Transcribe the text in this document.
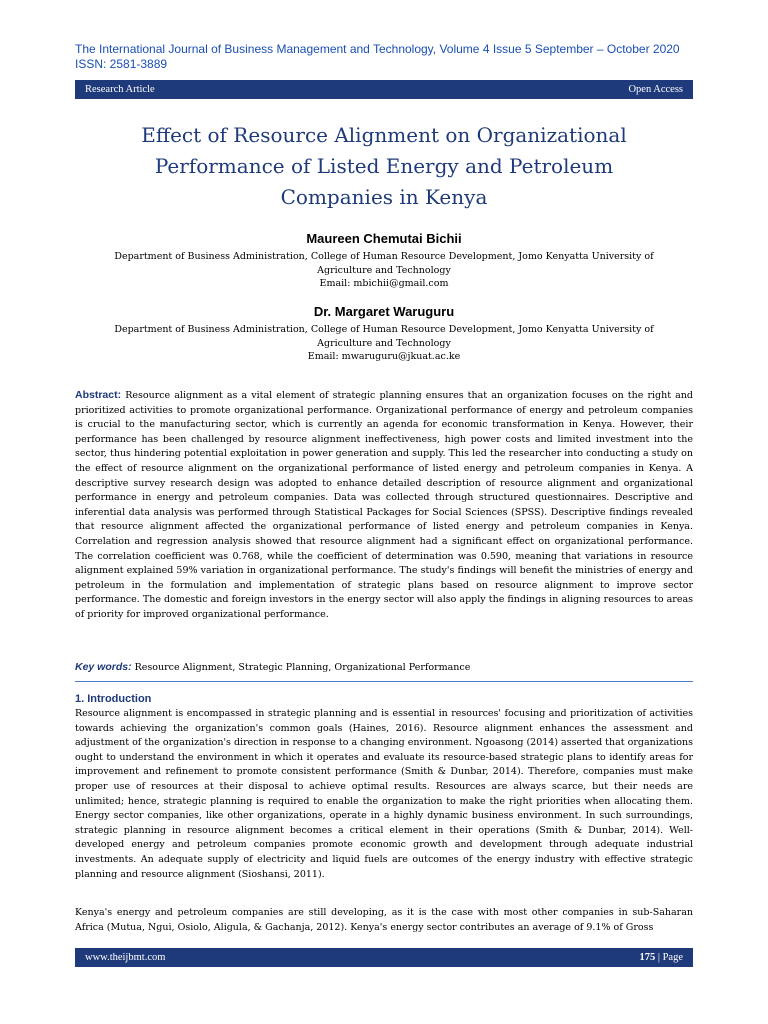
The International Journal of Business Management and Technology, Volume 4 Issue 5 September – October 2020
ISSN: 2581-3889
Research Article	Open Access
Effect of Resource Alignment on Organizational Performance of Listed Energy and Petroleum Companies in Kenya
Maureen Chemutai Bichii
Department of Business Administration, College of Human Resource Development, Jomo Kenyatta University of
Agriculture and Technology
Email: mbichii@gmail.com
Dr. Margaret Waruguru
Department of Business Administration, College of Human Resource Development, Jomo Kenyatta University of
Agriculture and Technology
Email: mwaruguru@jkuat.ac.ke

Abstract: Resource alignment as a vital element of strategic planning ensures that an organization focuses on the right and prioritized activities to promote organizational performance. Organizational performance of energy and petroleum companies is crucial to the manufacturing sector, which is currently an agenda for economic transformation in Kenya. However, their performance has been challenged by resource alignment ineffectiveness, high power costs and limited investment into the sector, thus hindering potential exploitation in power generation and supply. This led the researcher into conducting a study on the effect of resource alignment on the organizational performance of listed energy and petroleum companies in Kenya. A descriptive survey research design was adopted to enhance detailed description of resource alignment and organizational performance in energy and petroleum companies. Data was collected through structured questionnaires. Descriptive and inferential data analysis was performed through Statistical Packages for Social Sciences (SPSS). Descriptive findings revealed that resource alignment affected the organizational performance of listed energy and petroleum companies in Kenya. Correlation and regression analysis showed that resource alignment had a significant effect on organizational performance. The correlation coefficient was 0.768, while the coefficient of determination was 0.590, meaning that variations in resource alignment explained 59% variation in organizational performance. The study's findings will benefit the ministries of energy and petroleum in the formulation and implementation of strategic plans based on resource alignment to improve sector performance. The domestic and foreign investors in the energy sector will also apply the findings in aligning resources to areas of priority for improved organizational performance.

Key words: Resource Alignment, Strategic Planning, Organizational Performance
1. Introduction

Resource alignment is encompassed in strategic planning and is essential in resources' focusing and prioritization of activities towards achieving the organization's common goals (Haines, 2016). Resource alignment enhances the assessment and adjustment of the organization's direction in response to a changing environment. Ngoasong (2014) asserted that organizations ought to understand the environment in which it operates and evaluate its resource-based strategic plans to identify areas for improvement and refinement to promote consistent performance (Smith & Dunbar, 2014). Therefore, companies must make proper use of resources at their disposal to achieve optimal results. Resources are always scarce, but their needs are unlimited; hence, strategic planning is required to enable the organization to make the right priorities when allocating them. Energy sector companies, like other organizations, operate in a highly dynamic business environment. In such surroundings, strategic planning in resource alignment becomes a critical element in their operations (Smith & Dunbar, 2014). Well-developed energy and petroleum companies promote economic growth and development through adequate industrial investments. An adequate supply of electricity and liquid fuels are outcomes of the energy industry with effective strategic planning and resource alignment (Sioshansi, 2011).

Kenya's energy and petroleum companies are still developing, as it is the case with most other companies in sub-Saharan Africa (Mutua, Ngui, Osiolo, Aligula, & Gachanja, 2012). Kenya's energy sector contributes an average of 9.1% of Gross

www.theijbmt.com	175 | Page
